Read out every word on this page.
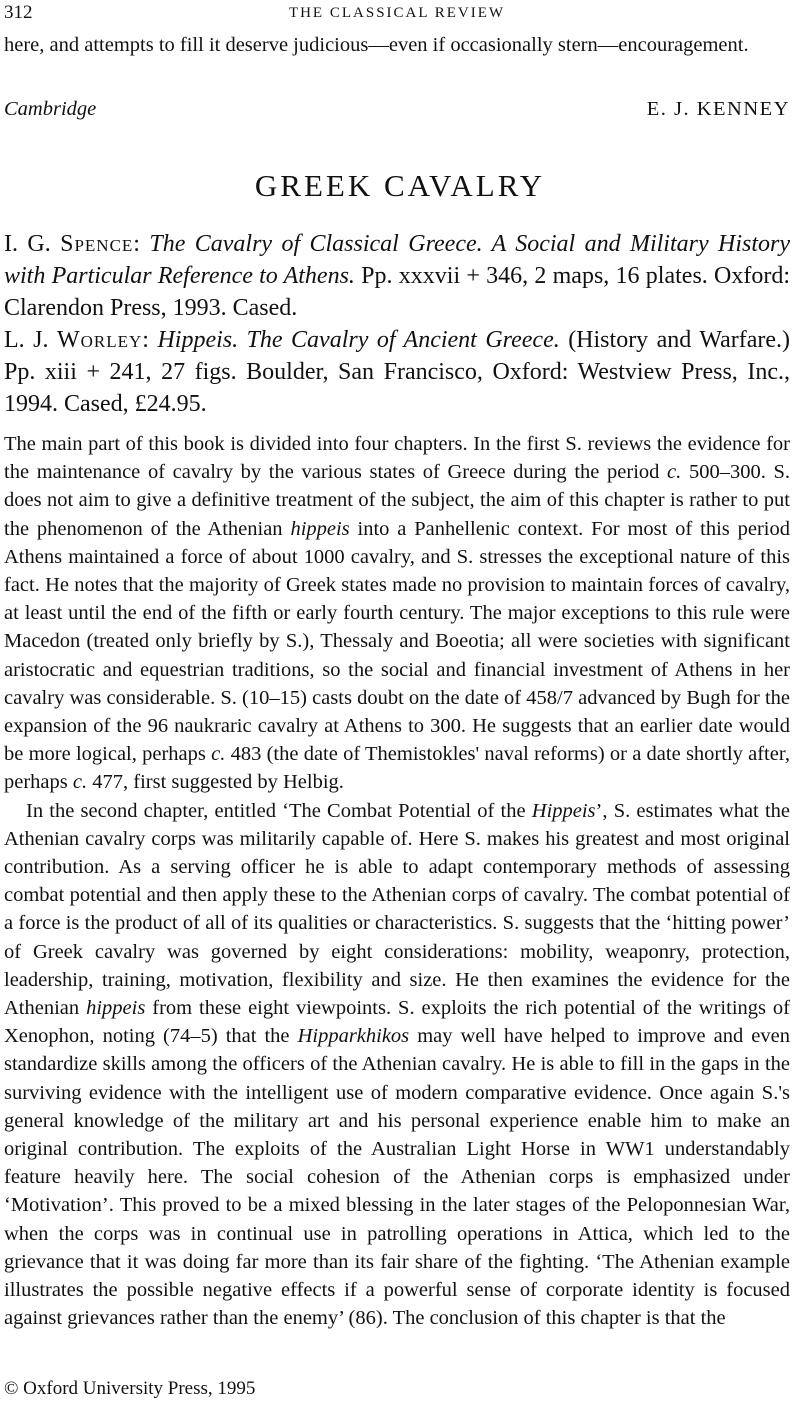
312	THE CLASSICAL REVIEW
here, and attempts to fill it deserve judicious—even if occasionally stern—encouragement.
Cambridge	E. J. KENNEY
GREEK CAVALRY

I. G. Spence: The Cavalry of Classical Greece. A Social and Military History with Particular Reference to Athens. Pp. xxxvii + 346, 2 maps, 16 plates. Oxford: Clarendon Press, 1993. Cased.

L. J. Worley: Hippeis. The Cavalry of Ancient Greece. (History and Warfare.) Pp. xiii + 241, 27 figs. Boulder, San Francisco, Oxford: Westview Press, Inc., 1994. Cased, £24.95.

The main part of this book is divided into four chapters. In the first S. reviews the evidence for the maintenance of cavalry by the various states of Greece during the period c. 500–300. S. does not aim to give a definitive treatment of the subject, the aim of this chapter is rather to put the phenomenon of the Athenian hippeis into a Panhellenic context. For most of this period Athens maintained a force of about 1000 cavalry, and S. stresses the exceptional nature of this fact. He notes that the majority of Greek states made no provision to maintain forces of cavalry, at least until the end of the fifth or early fourth century. The major exceptions to this rule were Macedon (treated only briefly by S.), Thessaly and Boeotia; all were societies with significant aristocratic and equestrian traditions, so the social and financial investment of Athens in her cavalry was considerable. S. (10–15) casts doubt on the date of 458/7 advanced by Bugh for the expansion of the 96 naukraric cavalry at Athens to 300. He suggests that an earlier date would be more logical, perhaps c. 483 (the date of Themistokles' naval reforms) or a date shortly after, perhaps c. 477, first suggested by Helbig.

In the second chapter, entitled ‘The Combat Potential of the Hippeis’, S. estimates what the Athenian cavalry corps was militarily capable of. Here S. makes his greatest and most original contribution. As a serving officer he is able to adapt contemporary methods of assessing combat potential and then apply these to the Athenian corps of cavalry. The combat potential of a force is the product of all of its qualities or characteristics. S. suggests that the ‘hitting power’ of Greek cavalry was governed by eight considerations: mobility, weaponry, protection, leadership, training, motivation, flexibility and size. He then examines the evidence for the Athenian hippeis from these eight viewpoints. S. exploits the rich potential of the writings of Xenophon, noting (74–5) that the Hipparkhikos may well have helped to improve and even standardize skills among the officers of the Athenian cavalry. He is able to fill in the gaps in the surviving evidence with the intelligent use of modern comparative evidence. Once again S.'s general knowledge of the military art and his personal experience enable him to make an original contribution. The exploits of the Australian Light Horse in WW1 understandably feature heavily here. The social cohesion of the Athenian corps is emphasized under ‘Motivation’. This proved to be a mixed blessing in the later stages of the Peloponnesian War, when the corps was in continual use in patrolling operations in Attica, which led to the grievance that it was doing far more than its fair share of the fighting. ‘The Athenian example illustrates the possible negative effects if a powerful sense of corporate identity is focused against grievances rather than the enemy’ (86). The conclusion of this chapter is that the

© Oxford University Press, 1995
